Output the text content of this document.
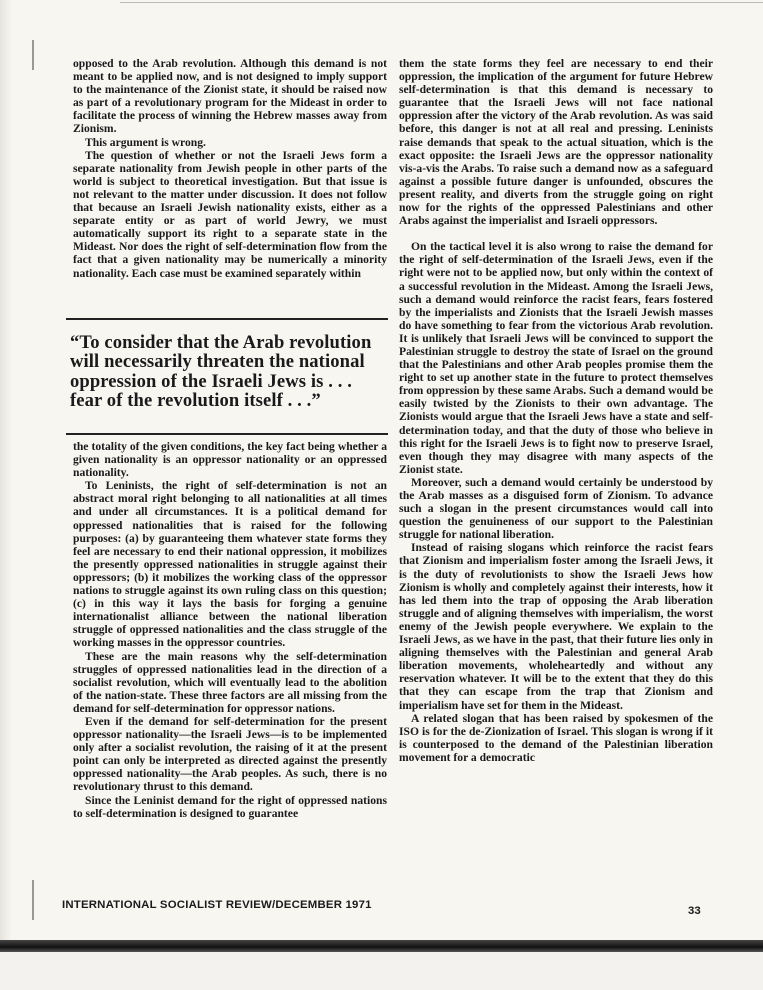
opposed to the Arab revolution. Although this demand is not meant to be applied now, and is not designed to imply support to the maintenance of the Zionist state, it should be raised now as part of a revolutionary program for the Mideast in order to facilitate the process of winning the Hebrew masses away from Zionism.

This argument is wrong.

The question of whether or not the Israeli Jews form a separate nationality from Jewish people in other parts of the world is subject to theoretical investigation. But that issue is not relevant to the matter under discussion. It does not follow that because an Israeli Jewish nationality exists, either as a separate entity or as part of world Jewry, we must automatically support its right to a separate state in the Mideast. Nor does the right of self-determination flow from the fact that a given nationality may be numerically a minority nationality. Each case must be examined separately within

“To consider that the Arab revolution will necessarily threaten the national oppression of the Israeli Jews is . . . fear of the revolution itself . . .”

the totality of the given conditions, the key fact being whether a given nationality is an oppressor nationality or an oppressed nationality.

To Leninists, the right of self-determination is not an abstract moral right belonging to all nationalities at all times and under all circumstances. It is a political demand for oppressed nationalities that is raised for the following purposes: (a) by guaranteeing them whatever state forms they feel are necessary to end their national oppression, it mobilizes the presently oppressed nationalities in struggle against their oppressors; (b) it mobilizes the working class of the oppressor nations to struggle against its own ruling class on this question; (c) in this way it lays the basis for forging a genuine internationalist alliance between the national liberation struggle of oppressed nationalities and the class struggle of the working masses in the oppressor countries.

These are the main reasons why the self-determination struggles of oppressed nationalities lead in the direction of a socialist revolution, which will eventually lead to the abolition of the nation-state. These three factors are all missing from the demand for self-determination for oppressor nations.

Even if the demand for self-determination for the present oppressor nationality—the Israeli Jews—is to be implemented only after a socialist revolution, the raising of it at the present point can only be interpreted as directed against the presently oppressed nationality—the Arab peoples. As such, there is no revolutionary thrust to this demand.

Since the Leninist demand for the right of oppressed nations to self-determination is designed to guarantee

them the state forms they feel are necessary to end their oppression, the implication of the argument for future Hebrew self-determination is that this demand is necessary to guarantee that the Israeli Jews will not face national oppression after the victory of the Arab revolution. As was said before, this danger is not at all real and pressing. Leninists raise demands that speak to the actual situation, which is the exact opposite: the Israeli Jews are the oppressor nationality vis-a-vis the Arabs. To raise such a demand now as a safeguard against a possible future danger is unfounded, obscures the present reality, and diverts from the struggle going on right now for the rights of the oppressed Palestinians and other Arabs against the imperialist and Israeli oppressors.

On the tactical level it is also wrong to raise the demand for the right of self-determination of the Israeli Jews, even if the right were not to be applied now, but only within the context of a successful revolution in the Mideast. Among the Israeli Jews, such a demand would reinforce the racist fears, fears fostered by the imperialists and Zionists that the Israeli Jewish masses do have something to fear from the victorious Arab revolution. It is unlikely that Israeli Jews will be convinced to support the Palestinian struggle to destroy the state of Israel on the ground that the Palestinians and other Arab peoples promise them the right to set up another state in the future to protect themselves from oppression by these same Arabs. Such a demand would be easily twisted by the Zionists to their own advantage. The Zionists would argue that the Israeli Jews have a state and self-determination today, and that the duty of those who believe in this right for the Israeli Jews is to fight now to preserve Israel, even though they may disagree with many aspects of the Zionist state.

Moreover, such a demand would certainly be understood by the Arab masses as a disguised form of Zionism. To advance such a slogan in the present circumstances would call into question the genuineness of our support to the Palestinian struggle for national liberation.

Instead of raising slogans which reinforce the racist fears that Zionism and imperialism foster among the Israeli Jews, it is the duty of revolutionists to show the Israeli Jews how Zionism is wholly and completely against their interests, how it has led them into the trap of opposing the Arab liberation struggle and of aligning themselves with imperialism, the worst enemy of the Jewish people everywhere. We explain to the Israeli Jews, as we have in the past, that their future lies only in aligning themselves with the Palestinian and general Arab liberation movements, wholeheartedly and without any reservation whatever. It will be to the extent that they do this that they can escape from the trap that Zionism and imperialism have set for them in the Mideast.

A related slogan that has been raised by spokesmen of the ISO is for the de-Zionization of Israel. This slogan is wrong if it is counterposed to the demand of the Palestinian liberation movement for a democratic

INTERNATIONAL SOCIALIST REVIEW/DECEMBER 1971	33
